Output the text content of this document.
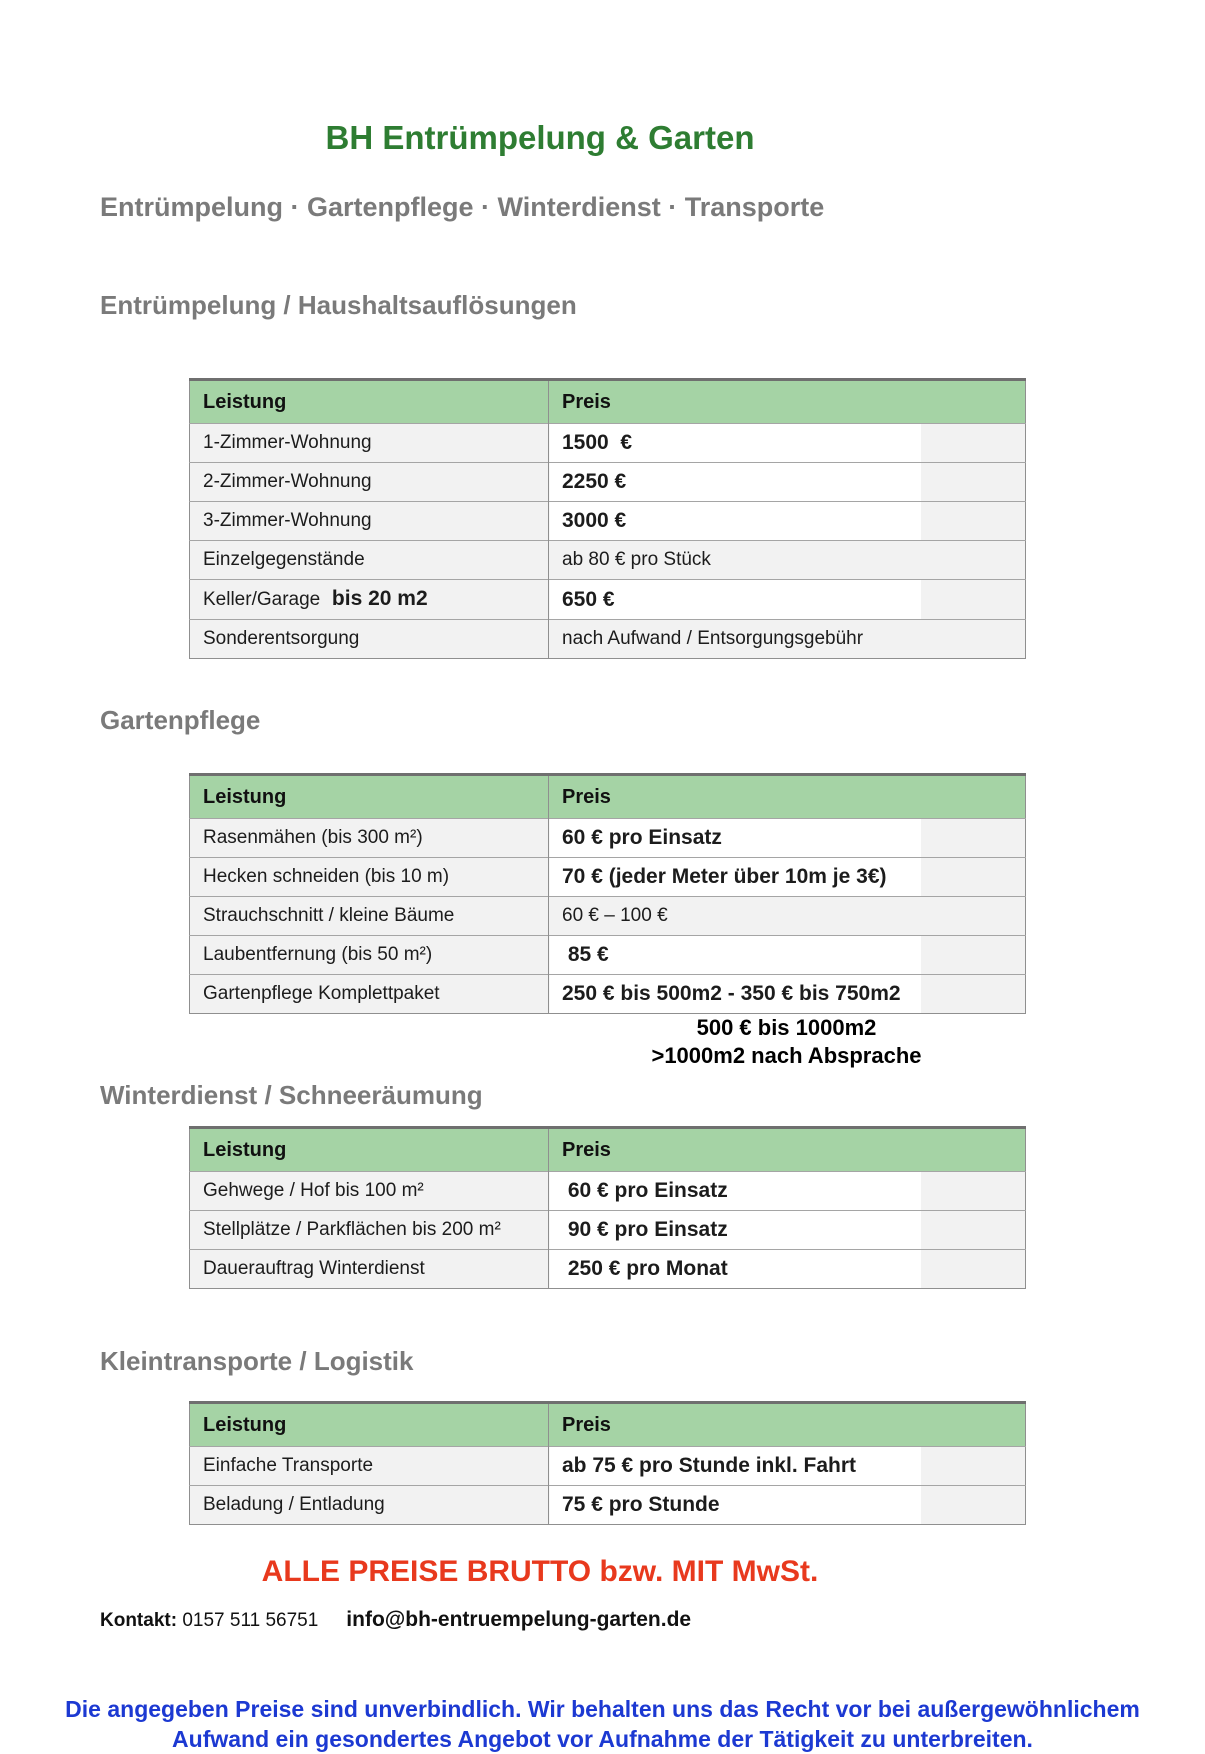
BH Entrümpelung & Garten
Entrümpelung · Gartenpflege · Winterdienst · Transporte
Entrümpelung / Haushaltsauflösungen
Leistung	Preis
1-Zimmer-Wohnung	1500  €
2-Zimmer-Wohnung	2250 €
3-Zimmer-Wohnung	3000 €
Einzelgegenstände	ab 80 € pro Stück
Keller/Garage  bis 20 m2	650 €
Sonderentsorgung	nach Aufwand / Entsorgungsgebühr
Gartenpflege
Leistung	Preis
Rasenmähen (bis 300 m²)	60 € pro Einsatz
Hecken schneiden (bis 10 m)	70 € (jeder Meter über 10m je 3€)
Strauchschnitt / kleine Bäume	60 € – 100 €
Laubentfernung (bis 50 m²)	85 €
Gartenpflege Komplettpaket	250 € bis 500m2 - 350 € bis 750m2
500 € bis 1000m2
>1000m2 nach Absprache
Winterdienst / Schneeräumung
Leistung	Preis
Gehwege / Hof bis 100 m²	60 € pro Einsatz
Stellplätze / Parkflächen bis 200 m²	90 € pro Einsatz
Dauerauftrag Winterdienst	250 € pro Monat
Kleintransporte / Logistik
Leistung	Preis
Einfache Transporte	ab 75 € pro Stunde inkl. Fahrt
Beladung / Entladung	75 € pro Stunde
ALLE PREISE BRUTTO bzw. MIT MwSt.
Kontakt: 0157 511 56751 info@bh-entruempelung-garten.de
Die angegeben Preise sind unverbindlich. Wir behalten uns das Recht vor bei außergewöhnlichem
Aufwand ein gesondertes Angebot vor Aufnahme der Tätigkeit zu unterbreiten.
